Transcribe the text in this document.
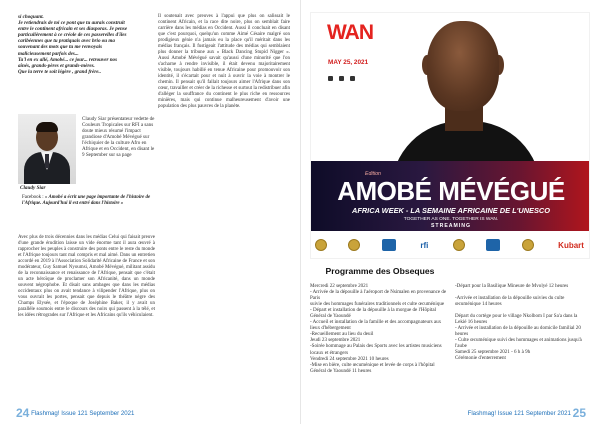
si choquant.

Je retiendrais de toi ce pont que tu aurais construit

entre le continent africain et ses diasporas. Je pense

particulièrement à ce créole de ces passerelles d'îles

caribéennes que tu pratiquais avec brio ou ma

souvenant des mots que tu me renvoyais

malicieusement parfois des...

Ta'l en ex allé, Amobé... ce jour... retrouver nos

aînés, grands-pères et grands-mères.

Que la terre te soit légère , grand frère..

Claudy Siar
Claudy Siar présentateur vedette de Couleurs Tropicales sur RFI a sans doute mieux résumé l'impact grandiose d'Amobé Mévégué sur l'échiquier de la culture Afro en Afrique et en Occident, en disant le 9 September sur sa page
Facebook : « Amobé a écrit une page importante de l'histoire de l'Afrique. Aujourd'hui il est entré dans l'histoire »
Avec plus de trois décennies dans les médias Celui qui faisait preuve d'une grande érudition laisse un vide énorme tant il aura œuvré à rapprocher les peuples à construire des ponts entre le reste du monde et l'Afrique toujours tant mal compris et mal aimé. Dans un entretien accordé en 2019 à l'Association Solidarité Africaine de France et son modérateur, Guy Samuel Nyoumsi, Amobé Mévégué, militant assidu de la reconnaissance et renaissance de l'Afrique, pensait que c'était un acte héroïque de proclamer son Africanité, dans un monde souvent négrophobe. Et disait sans ambages que dans les médias occidentaux plus on avait tendance à vilipender l'Afrique, plus on vous ouvrait les portes, pensait que depuis le théâtre nègre des Champs Elysée, et l'époque de Joséphine Baker, il y avait un parallèle soumois entre le discours des noirs qui passent à la télé, et les idées rétrogrades sur l'Afrique et les Africains qu'ils véhiculaient.
Il soutenait avec preuves à l'appui que plus on salissait le continent Africain, et la race dite noire, plus on semblait faire carrière dans les médias en Occident. Aussi il concluait en disant que c'est pourquoi, quelqu'un comme Aimé Césaire malgré son prodigieux génie n'a jamais eu la place qu'il méritait dans les médias français. Il fustigeait l'attitude des médias qui semblaient plus donner la tribune aux « Black Dancing Stupid Nigger ». Aussi Amobé Mévégué savait qu'aussi d'une minorité que l'on s'acharne à rendre invisible, il était devenu majoritairement visible, toujours habillé en tenue Africaine pour promouvoir son identité, il s'écartait pour et nuit à ouvrir la voie à montrer le chemin. Il pensait qu'il fallait toujours aimer l'Afrique dans son cœur, travailler et créer de la richesse et surtout la redistribuer afin d'alléger la souffrance du continent le plus riche en ressources minières, mais qui continue malheureusement d'avoir une population des plus pauvres de la planète.
24 Flashmag! Issue 121 September 2021
WAN
MAY 25, 2021

Edition
AMOBÉ MÉVÉGUÉ
AFRICA WEEK - LA SEMAINE AFRICAINE DE L'UNESCO
TOGETHER AS ONE. TOGETHER IS WAN.
STREAMING
rfi	Kubart
Programme des Obseques

Mercredi 22 septembre 2021

- Arrivée de la dépouille à l'aéroport de Nsimalen en provenance de Paris

suivie des hommages funéraires traditionnels et culte œcuménique

- Départ et installation de la dépouille à la morgue de l'Hôpital Général de Yaoundé

- Accueil et installation de la famille et des accompagnateurs aux lieux d'hébergement

-Recueillement au lieu du deuil

Jeudi 23 septembre 2021

-Soirée hommage au Palais des Sports avec les artistes musiciens locaux et étrangers

Vendredi 24 septembre 2021 10 heures

-Mise en bière, culte œcuménique et levée de corps à l'hôpital Général de Yaoundé 11 heures

-Départ pour la Basilique Mineure de Mvolyé 12 heures

-Arrivée et installation de la dépouille suivies du culte œcuménique 14 heures

Départ du cortège pour le village Nkolbom I par Sa'a dans la Lekié 16 heures

- Arrivée et installation de la dépouille au domicile familial 20 heures

- Culte œcuménique suivi des hommages et animations jusqu'à l'aube

Samedi 25 septembre 2021 - 6 h à 9h

Cérémonie d'enterrement

Flashmag! Issue 121 September 2021 25
